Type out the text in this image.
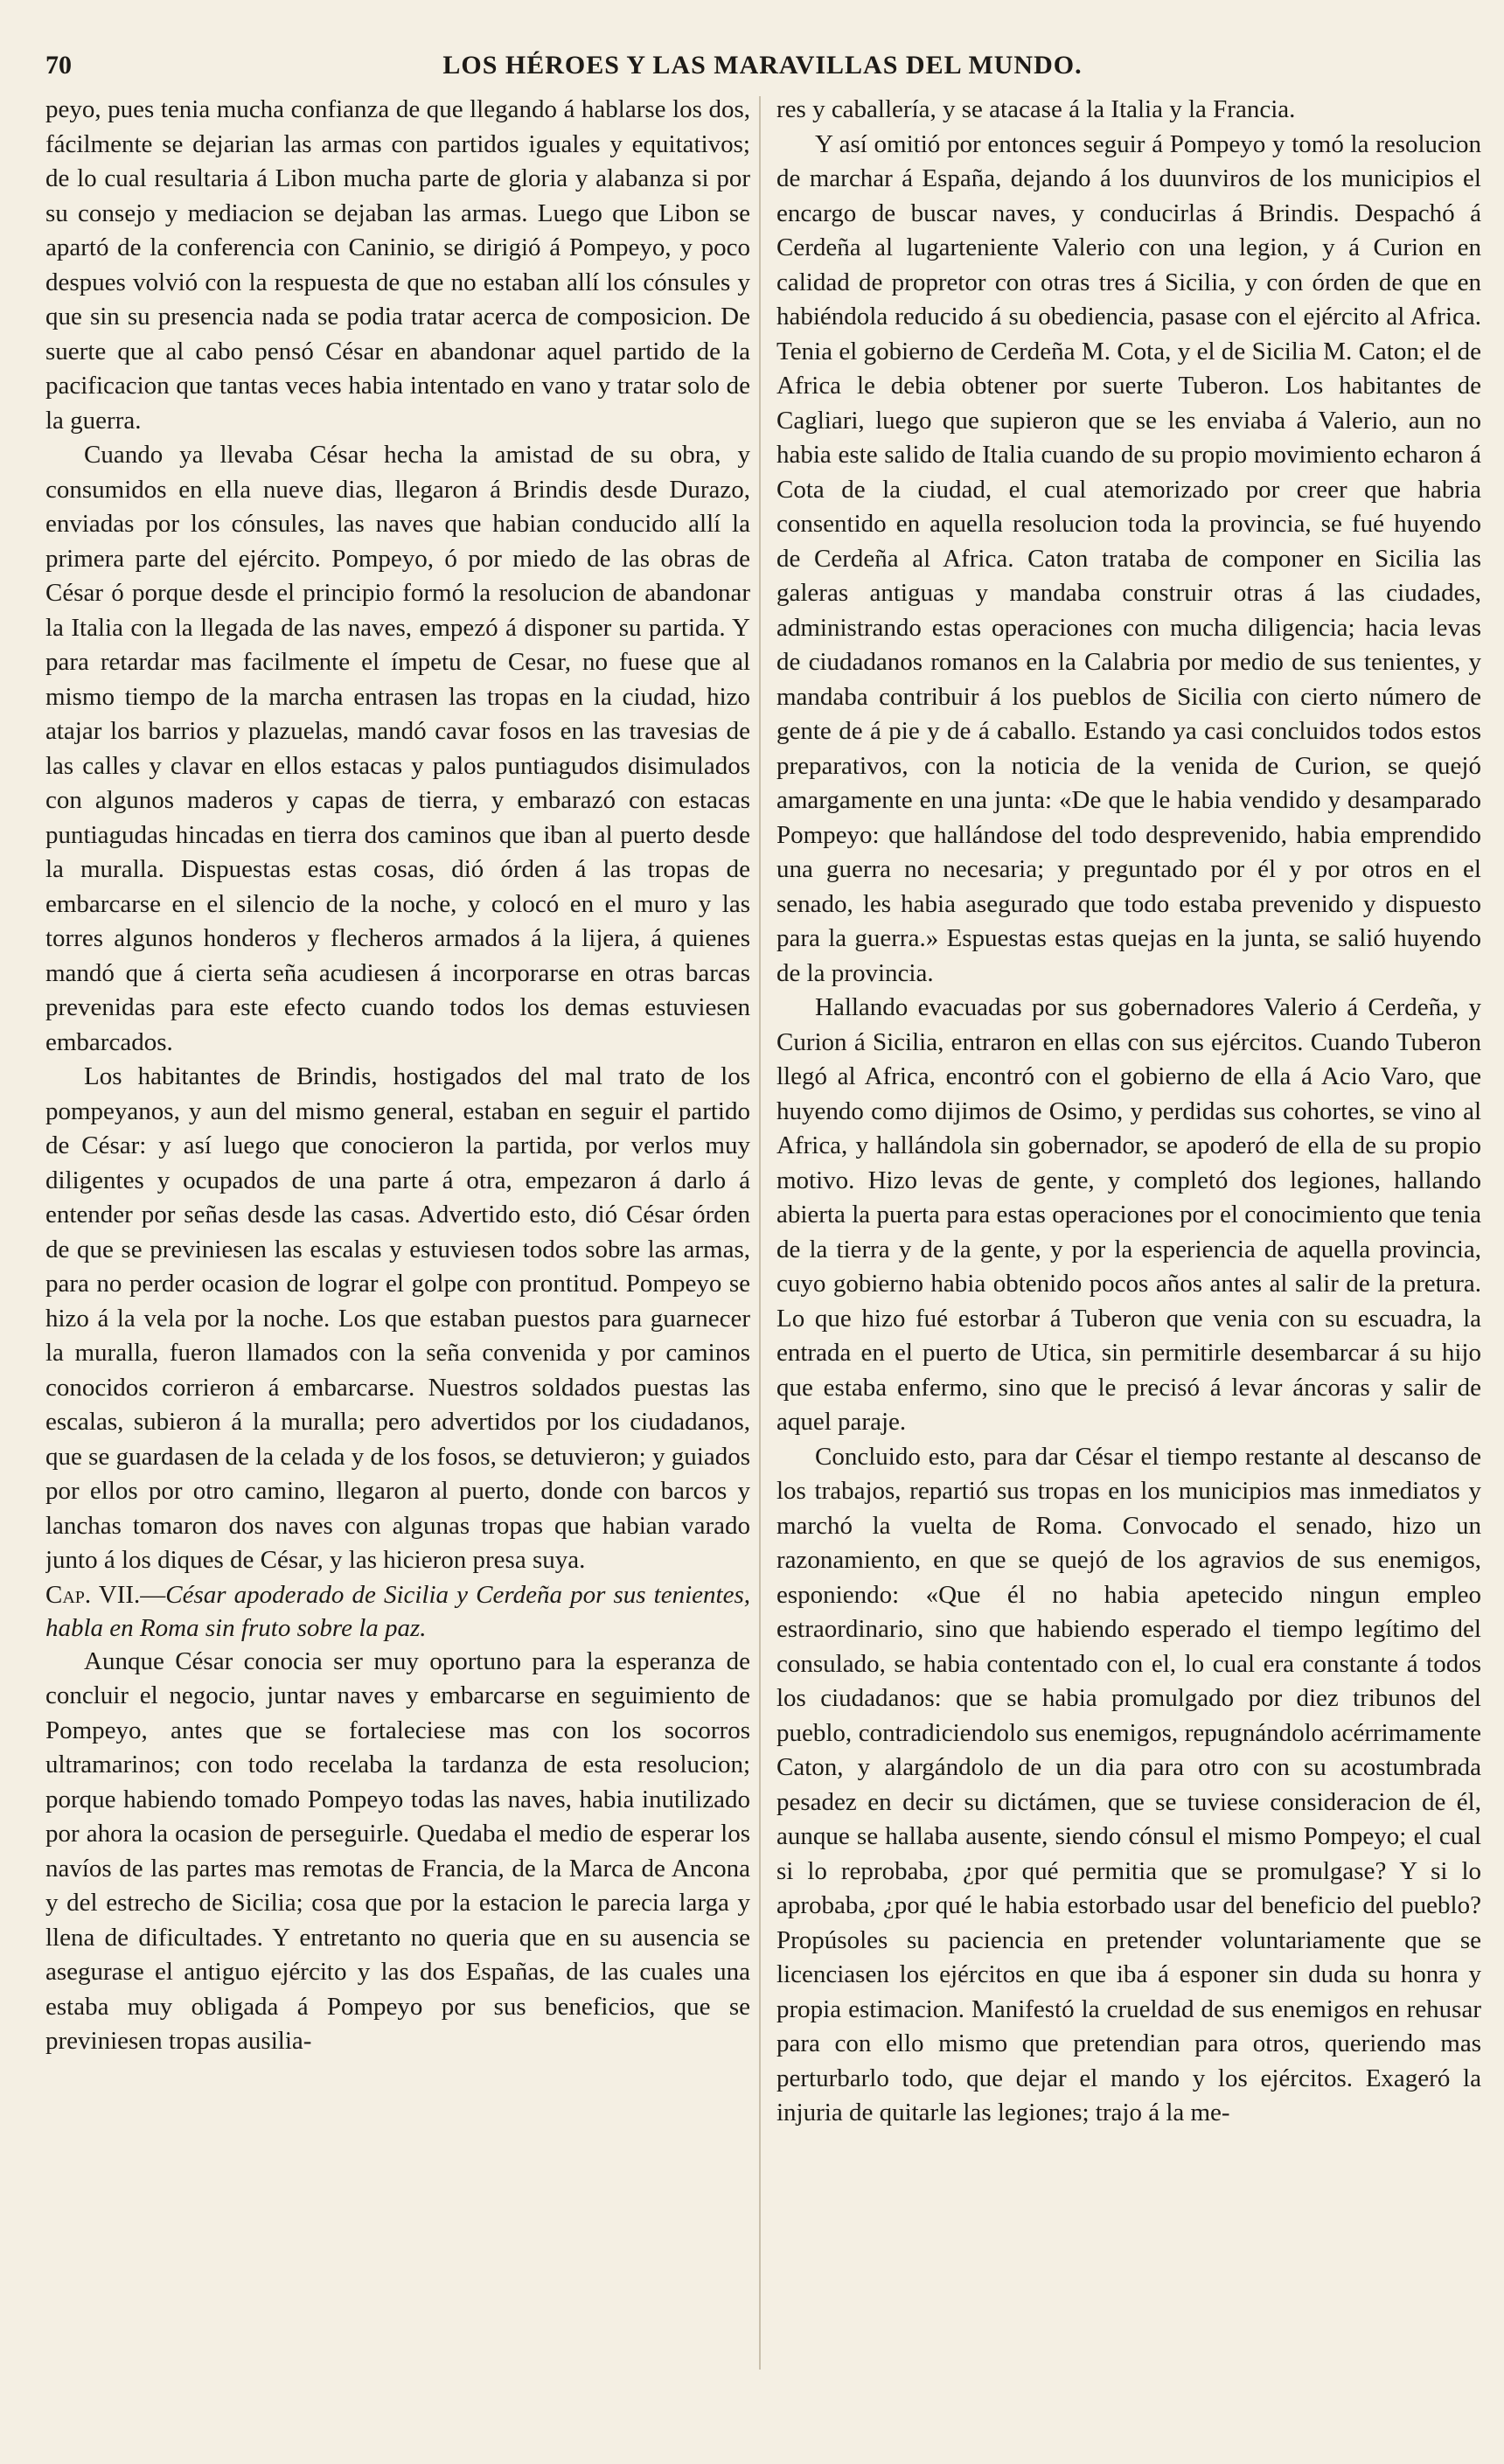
70	LOS HÉROES Y LAS MARAVILLAS DEL MUNDO.

peyo, pues tenia mucha confianza de que llegando á hablarse los dos, fácilmente se dejarian las armas con partidos iguales y equitativos; de lo cual resultaria á Libon mucha parte de gloria y alabanza si por su consejo y mediacion se dejaban las armas. Luego que Libon se apartó de la conferencia con Caninio, se dirigió á Pompeyo, y poco despues volvió con la respuesta de que no estaban allí los cónsules y que sin su presencia nada se podia tratar acerca de composicion. De suerte que al cabo pensó César en abandonar aquel partido de la pacificacion que tantas veces habia intentado en vano y tratar solo de la guerra.

Cuando ya llevaba César hecha la amistad de su obra, y consumidos en ella nueve dias, llegaron á Brindis desde Durazo, enviadas por los cónsules, las naves que habian conducido allí la primera parte del ejército. Pompeyo, ó por miedo de las obras de César ó porque desde el principio formó la resolucion de abandonar la Italia con la llegada de las naves, empezó á disponer su partida. Y para retardar mas facilmente el ímpetu de Cesar, no fuese que al mismo tiempo de la marcha entrasen las tropas en la ciudad, hizo atajar los barrios y plazuelas, mandó cavar fosos en las travesias de las calles y clavar en ellos estacas y palos puntiagudos disimulados con algunos maderos y capas de tierra, y embarazó con estacas puntiagudas hincadas en tierra dos caminos que iban al puerto desde la muralla. Dispuestas estas cosas, dió órden á las tropas de embarcarse en el silencio de la noche, y colocó en el muro y las torres algunos honderos y flecheros armados á la lijera, á quienes mandó que á cierta seña acudiesen á incorporarse en otras barcas prevenidas para este efecto cuando todos los demas estuviesen embarcados.

Los habitantes de Brindis, hostigados del mal trato de los pompeyanos, y aun del mismo general, estaban en seguir el partido de César: y así luego que conocieron la partida, por verlos muy diligentes y ocupados de una parte á otra, empezaron á darlo á entender por señas desde las casas. Advertido esto, dió César órden de que se previniesen las escalas y estuviesen todos sobre las armas, para no perder ocasion de lograr el golpe con prontitud. Pompeyo se hizo á la vela por la noche. Los que estaban puestos para guarnecer la muralla, fueron llamados con la seña convenida y por caminos conocidos corrieron á embarcarse. Nuestros soldados puestas las escalas, subieron á la muralla; pero advertidos por los ciudadanos, que se guardasen de la celada y de los fosos, se detuvieron; y guiados por ellos por otro camino, llegaron al puerto, donde con barcos y lanchas tomaron dos naves con algunas tropas que habian varado junto á los diques de César, y las hicieron presa suya.

Cap. VII.—César apoderado de Sicilia y Cerdeña por sus tenientes, habla en Roma sin fruto sobre la paz.

Aunque César conocia ser muy oportuno para la esperanza de concluir el negocio, juntar naves y embarcarse en seguimiento de Pompeyo, antes que se fortaleciese mas con los socorros ultramarinos; con todo recelaba la tardanza de esta resolucion; porque habiendo tomado Pompeyo todas las naves, habia inutilizado por ahora la ocasion de perseguirle. Quedaba el medio de esperar los navíos de las partes mas remotas de Francia, de la Marca de Ancona y del estrecho de Sicilia; cosa que por la estacion le parecia larga y llena de dificultades. Y entretanto no queria que en su ausencia se asegurase el antiguo ejército y las dos Españas, de las cuales una estaba muy obligada á Pompeyo por sus beneficios, que se previniesen tropas ausilia-

res y caballería, y se atacase á la Italia y la Francia.

Y así omitió por entonces seguir á Pompeyo y tomó la resolucion de marchar á España, dejando á los duunviros de los municipios el encargo de buscar naves, y conducirlas á Brindis. Despachó á Cerdeña al lugarteniente Valerio con una legion, y á Curion en calidad de propretor con otras tres á Sicilia, y con órden de que en habiéndola reducido á su obediencia, pasase con el ejército al Africa. Tenia el gobierno de Cerdeña M. Cota, y el de Sicilia M. Caton; el de Africa le debia obtener por suerte Tuberon. Los habitantes de Cagliari, luego que supieron que se les enviaba á Valerio, aun no habia este salido de Italia cuando de su propio movimiento echaron á Cota de la ciudad, el cual atemorizado por creer que habria consentido en aquella resolucion toda la provincia, se fué huyendo de Cerdeña al Africa. Caton trataba de componer en Sicilia las galeras antiguas y mandaba construir otras á las ciudades, administrando estas operaciones con mucha diligencia; hacia levas de ciudadanos romanos en la Calabria por medio de sus tenientes, y mandaba contribuir á los pueblos de Sicilia con cierto número de gente de á pie y de á caballo. Estando ya casi concluidos todos estos preparativos, con la noticia de la venida de Curion, se quejó amargamente en una junta: «De que le habia vendido y desamparado Pompeyo: que hallándose del todo desprevenido, habia emprendido una guerra no necesaria; y preguntado por él y por otros en el senado, les habia asegurado que todo estaba prevenido y dispuesto para la guerra.» Espuestas estas quejas en la junta, se salió huyendo de la provincia.

Hallando evacuadas por sus gobernadores Valerio á Cerdeña, y Curion á Sicilia, entraron en ellas con sus ejércitos. Cuando Tuberon llegó al Africa, encontró con el gobierno de ella á Acio Varo, que huyendo como dijimos de Osimo, y perdidas sus cohortes, se vino al Africa, y hallándola sin gobernador, se apoderó de ella de su propio motivo. Hizo levas de gente, y completó dos legiones, hallando abierta la puerta para estas operaciones por el conocimiento que tenia de la tierra y de la gente, y por la esperiencia de aquella provincia, cuyo gobierno habia obtenido pocos años antes al salir de la pretura. Lo que hizo fué estorbar á Tuberon que venia con su escuadra, la entrada en el puerto de Utica, sin permitirle desembarcar á su hijo que estaba enfermo, sino que le precisó á levar áncoras y salir de aquel paraje.

Concluido esto, para dar César el tiempo restante al descanso de los trabajos, repartió sus tropas en los municipios mas inmediatos y marchó la vuelta de Roma. Convocado el senado, hizo un razonamiento, en que se quejó de los agravios de sus enemigos, esponiendo: «Que él no habia apetecido ningun empleo estraordinario, sino que habiendo esperado el tiempo legítimo del consulado, se habia contentado con el, lo cual era constante á todos los ciudadanos: que se habia promulgado por diez tribunos del pueblo, contradiciendolo sus enemigos, repugnándolo acérrimamente Caton, y alargándolo de un dia para otro con su acostumbrada pesadez en decir su dictámen, que se tuviese consideracion de él, aunque se hallaba ausente, siendo cónsul el mismo Pompeyo; el cual si lo reprobaba, ¿por qué permitia que se promulgase? Y si lo aprobaba, ¿por qué le habia estorbado usar del beneficio del pueblo? Propúsoles su paciencia en pretender voluntariamente que se licenciasen los ejércitos en que iba á esponer sin duda su honra y propia estimacion. Manifestó la crueldad de sus enemigos en rehusar para con ello mismo que pretendian para otros, queriendo mas perturbarlo todo, que dejar el mando y los ejércitos. Exageró la injuria de quitarle las legiones; trajo á la me-
